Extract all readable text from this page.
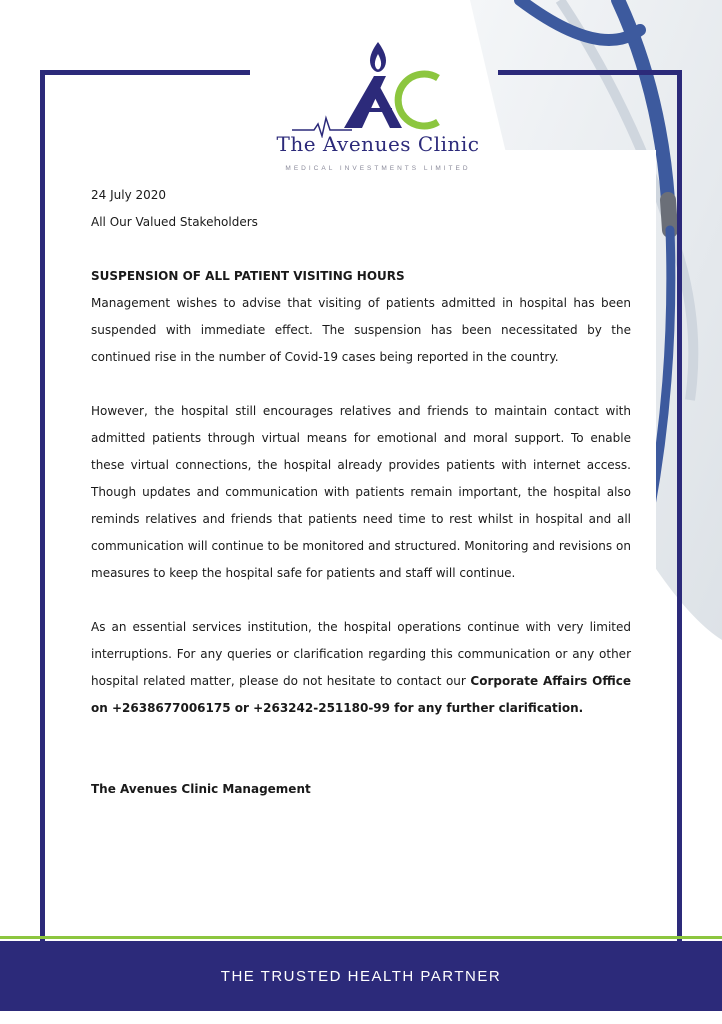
The Avenues Clinic
MEDICAL INVESTMENTS LIMITED

24 July 2020

All Our Valued Stakeholders

SUSPENSION OF ALL PATIENT VISITING HOURS

Management wishes to advise that visiting of patients admitted in hospital has been suspended with immediate effect. The suspension has been necessitated by the continued rise in the number of Covid-19 cases being reported in the country.

However, the hospital still encourages relatives and friends to maintain contact with admitted patients through virtual means for emotional and moral support. To enable these virtual connections, the hospital already provides patients with internet access. Though updates and communication with patients remain important, the hospital also reminds relatives and friends that patients need time to rest whilst in hospital and all communication will continue to be monitored and structured. Monitoring and revisions on measures to keep the hospital safe for patients and staff will continue.

As an essential services institution, the hospital operations continue with very limited interruptions. For any queries or clarification regarding this communication or any other hospital related matter, please do not hesitate to contact our Corporate Affairs Office on +2638677006175 or +263242-251180-99 for any further clarification.

The Avenues Clinic Management

THE TRUSTED HEALTH PARTNER
